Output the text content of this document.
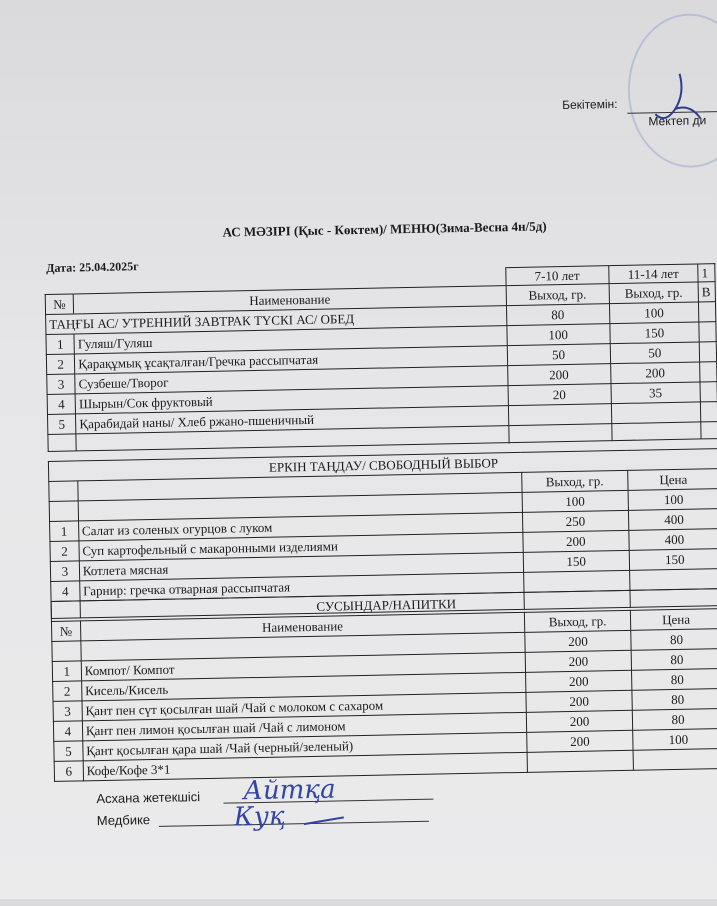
Бекітемін:
Мектеп ди
АС МӘЗІРІ (Қыс - Көктем)/ МЕНЮ(Зима-Весна 4н/5д)
Дата: 25.04.2025г
		7-10 лет	11-14 лет	1
№	Наименование	Выход, гр.	Выход, гр.	В
ТАҢҒЫ АС/ УТРЕННИЙ ЗАВТРАК ТҮСКІ АС/ ОБЕД		80	100	
1	Гуляш/Гуляш	100	150	
2	Қарақұмық ұсақталған/Гречка рассыпчатая	50	50	
3	Сузбеше/Творог	200	200	
4	Шырын/Сок фруктовый	20	35	
5	Қарабидай наны/ Хлеб ржано-пшеничный			

ЕРКІН ТАҢДАУ/ СВОБОДНЫЙ ВЫБОР			
		Выход, гр.	Цена
		100	100
1	Салат из соленых огурцов с луком	250	400
2	Суп картофельный с макаронными изделиями	200	400
3	Котлета мясная	150	150
4	Гарнир: гречка отварная рассыпчатая		

СУСЫНДАР/НАПИТКИ			
№	Наименование	Выход, гр.	Цена
		200	80
1	Компот/ Компот	200	80
2	Кисель/Кисель	200	80
3	Қант пен сүт қосылған шай /Чай с молоком с сахаром	200	80
4	Қант пен лимон қосылған шай /Чай с лимоном	200	80
5	Қант қосылған қара шай /Чай (черный/зеленый)	200	100
6	Кофе/Кофе 3*1		
Асхана жетекшісі
Медбике
Айтқа
Куқ
